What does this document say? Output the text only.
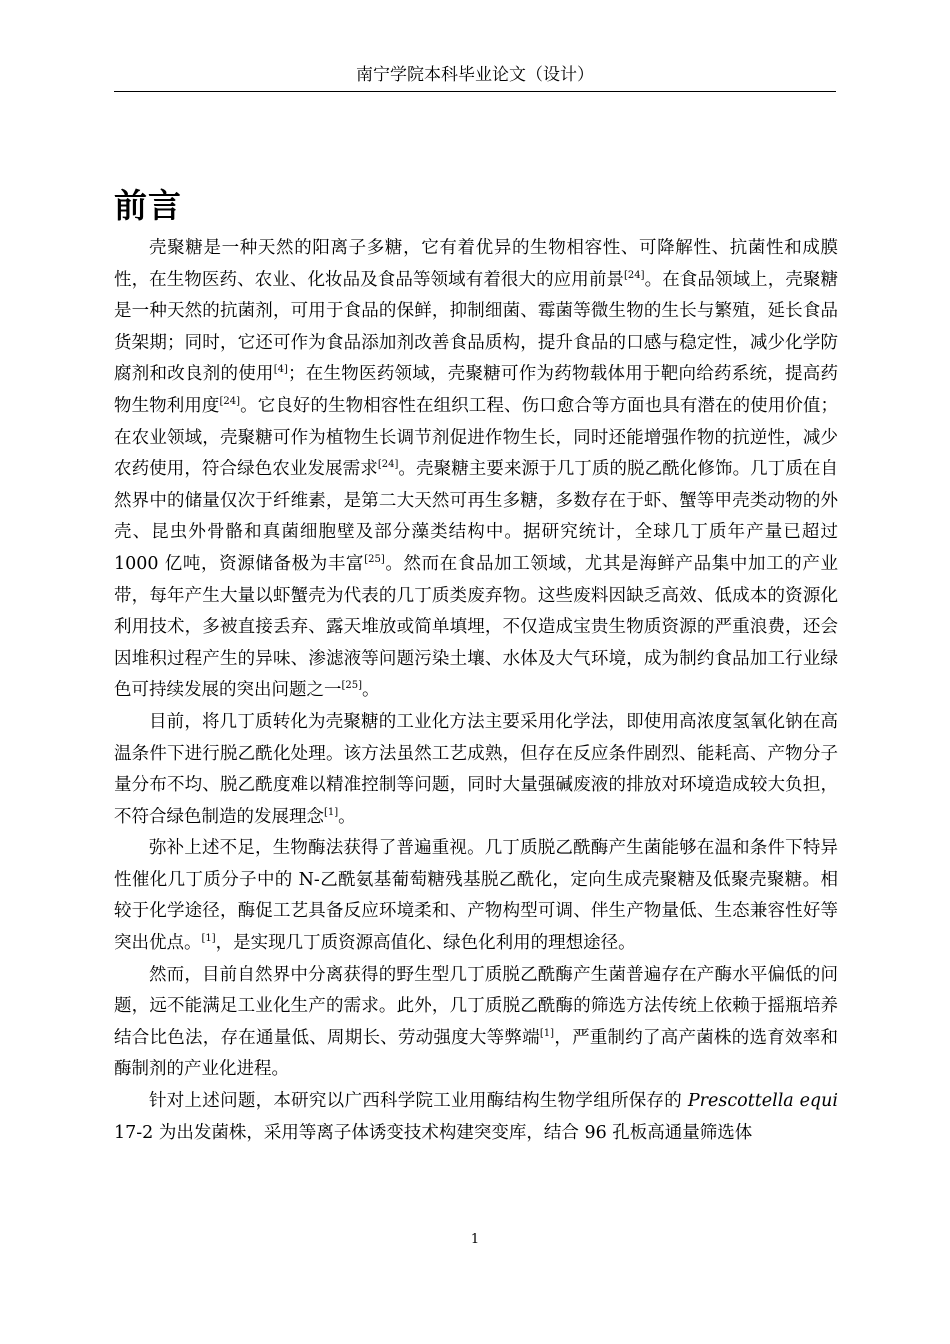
南宁学院本科毕业论文（设计）
前言

壳聚糖是一种天然的阳离子多糖，它有着优异的生物相容性、可降解性、抗菌性和成膜性，在生物医药、农业、化妆品及食品等领域有着很大的应用前景[24]。在食品领域上，壳聚糖是一种天然的抗菌剂，可用于食品的保鲜，抑制细菌、霉菌等微生物的生长与繁殖，延长食品货架期；同时，它还可作为食品添加剂改善食品质构，提升食品的口感与稳定性，减少化学防腐剂和改良剂的使用[4]；在生物医药领域，壳聚糖可作为药物载体用于靶向给药系统，提高药物生物利用度[24]。它良好的生物相容性在组织工程、伤口愈合等方面也具有潜在的使用价值；在农业领域，壳聚糖可作为植物生长调节剂促进作物生长，同时还能增强作物的抗逆性，减少农药使用，符合绿色农业发展需求[24]。壳聚糖主要来源于几丁质的脱乙酰化修饰。几丁质在自然界中的储量仅次于纤维素，是第二大天然可再生多糖，多数存在于虾、蟹等甲壳类动物的外壳、昆虫外骨骼和真菌细胞壁及部分藻类结构中。据研究统计，全球几丁质年产量已超过 1000 亿吨，资源储备极为丰富[25]。然而在食品加工领域，尤其是海鲜产品集中加工的产业带，每年产生大量以虾蟹壳为代表的几丁质类废弃物。这些废料因缺乏高效、低成本的资源化利用技术，多被直接丢弃、露天堆放或简单填埋，不仅造成宝贵生物质资源的严重浪费，还会因堆积过程产生的异味、渗滤液等问题污染土壤、水体及大气环境，成为制约食品加工行业绿色可持续发展的突出问题之一[25]。

目前，将几丁质转化为壳聚糖的工业化方法主要采用化学法，即使用高浓度氢氧化钠在高温条件下进行脱乙酰化处理。该方法虽然工艺成熟，但存在反应条件剧烈、能耗高、产物分子量分布不均、脱乙酰度难以精准控制等问题，同时大量强碱废液的排放对环境造成较大负担，不符合绿色制造的发展理念[1]。

弥补上述不足，生物酶法获得了普遍重视。几丁质脱乙酰酶产生菌能够在温和条件下特异性催化几丁质分子中的 N-乙酰氨基葡萄糖残基脱乙酰化，定向生成壳聚糖及低聚壳聚糖。相较于化学途径，酶促工艺具备反应环境柔和、产物构型可调、伴生产物量低、生态兼容性好等突出优点。[1]，是实现几丁质资源高值化、绿色化利用的理想途径。

然而，目前自然界中分离获得的野生型几丁质脱乙酰酶产生菌普遍存在产酶水平偏低的问题，远不能满足工业化生产的需求。此外，几丁质脱乙酰酶的筛选方法传统上依赖于摇瓶培养结合比色法，存在通量低、周期长、劳动强度大等弊端[1]，严重制约了高产菌株的选育效率和酶制剂的产业化进程。

针对上述问题，本研究以广西科学院工业用酶结构生物学组所保存的 Prescottella equi 17-2 为出发菌株，采用等离子体诱变技术构建突变库，结合 96 孔板高通量筛选体

1
